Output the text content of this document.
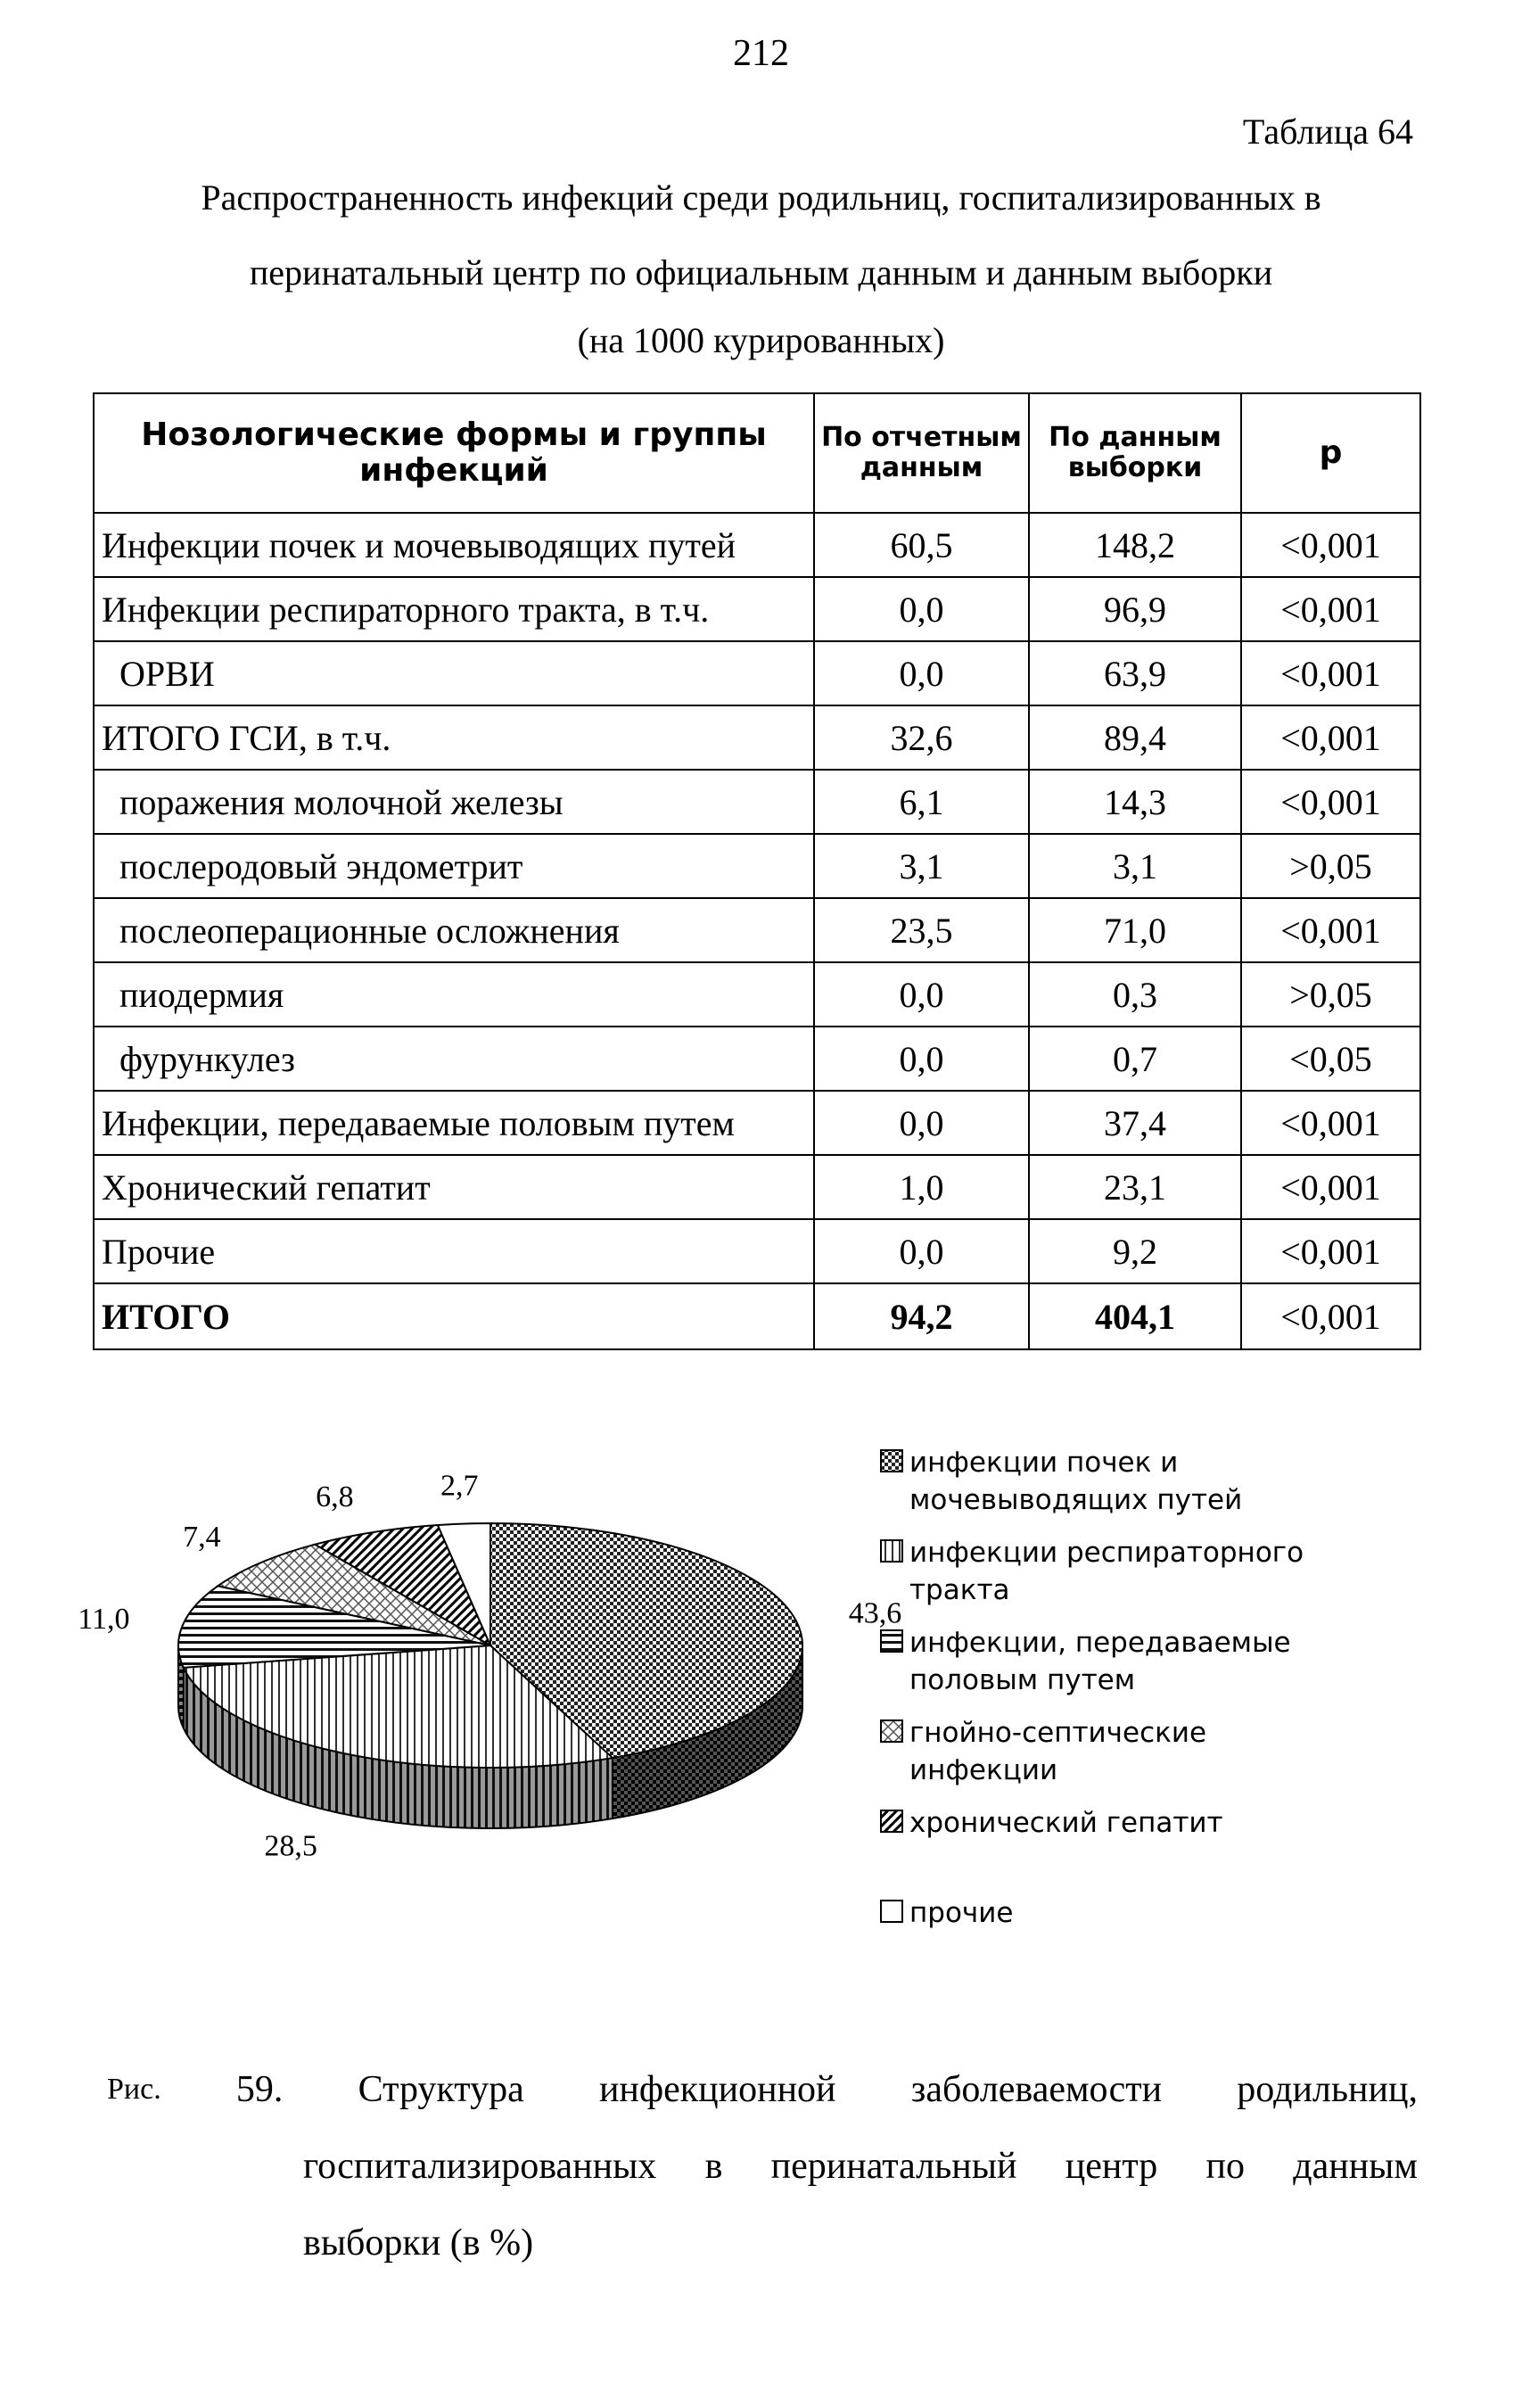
212
Таблица 64
Распространенность инфекций среди родильниц, госпитализированных в
перинатальный центр по официальным данным и данным выборки
(на 1000 курированных)
Нозологические формы и группы инфекций	По отчетным данным	По данным выборки	p
Инфекции почек и мочевыводящих путей	60,5	148,2	<0,001
Инфекции респираторного тракта, в т.ч.	0,0	96,9	<0,001
ОРВИ	0,0	63,9	<0,001
ИТОГО ГСИ, в т.ч.	32,6	89,4	<0,001
поражения молочной железы	6,1	14,3	<0,001
послеродовый эндометрит	3,1	3,1	>0,05
послеоперационные осложнения	23,5	71,0	<0,001
пиодермия	0,0	0,3	>0,05
фурункулез	0,0	0,7	<0,05
Инфекции, передаваемые половым путем	0,0	37,4	<0,001
Хронический гепатит	1,0	23,1	<0,001
Прочие	0,0	9,2	<0,001
ИТОГО	94,2	404,1	<0,001
43,6
28,5
11,0
7,4
6,8	2,7
инфекции почек и мочевыводящих путей
инфекции респираторного тракта
инфекции, передаваемые половым путем
гнойно-септические инфекции
хронический гепатит
прочие
Рис. 59. Структура инфекционной заболеваемости родильниц,
госпитализированных в перинатальный центр по данным
выборки (в %)
